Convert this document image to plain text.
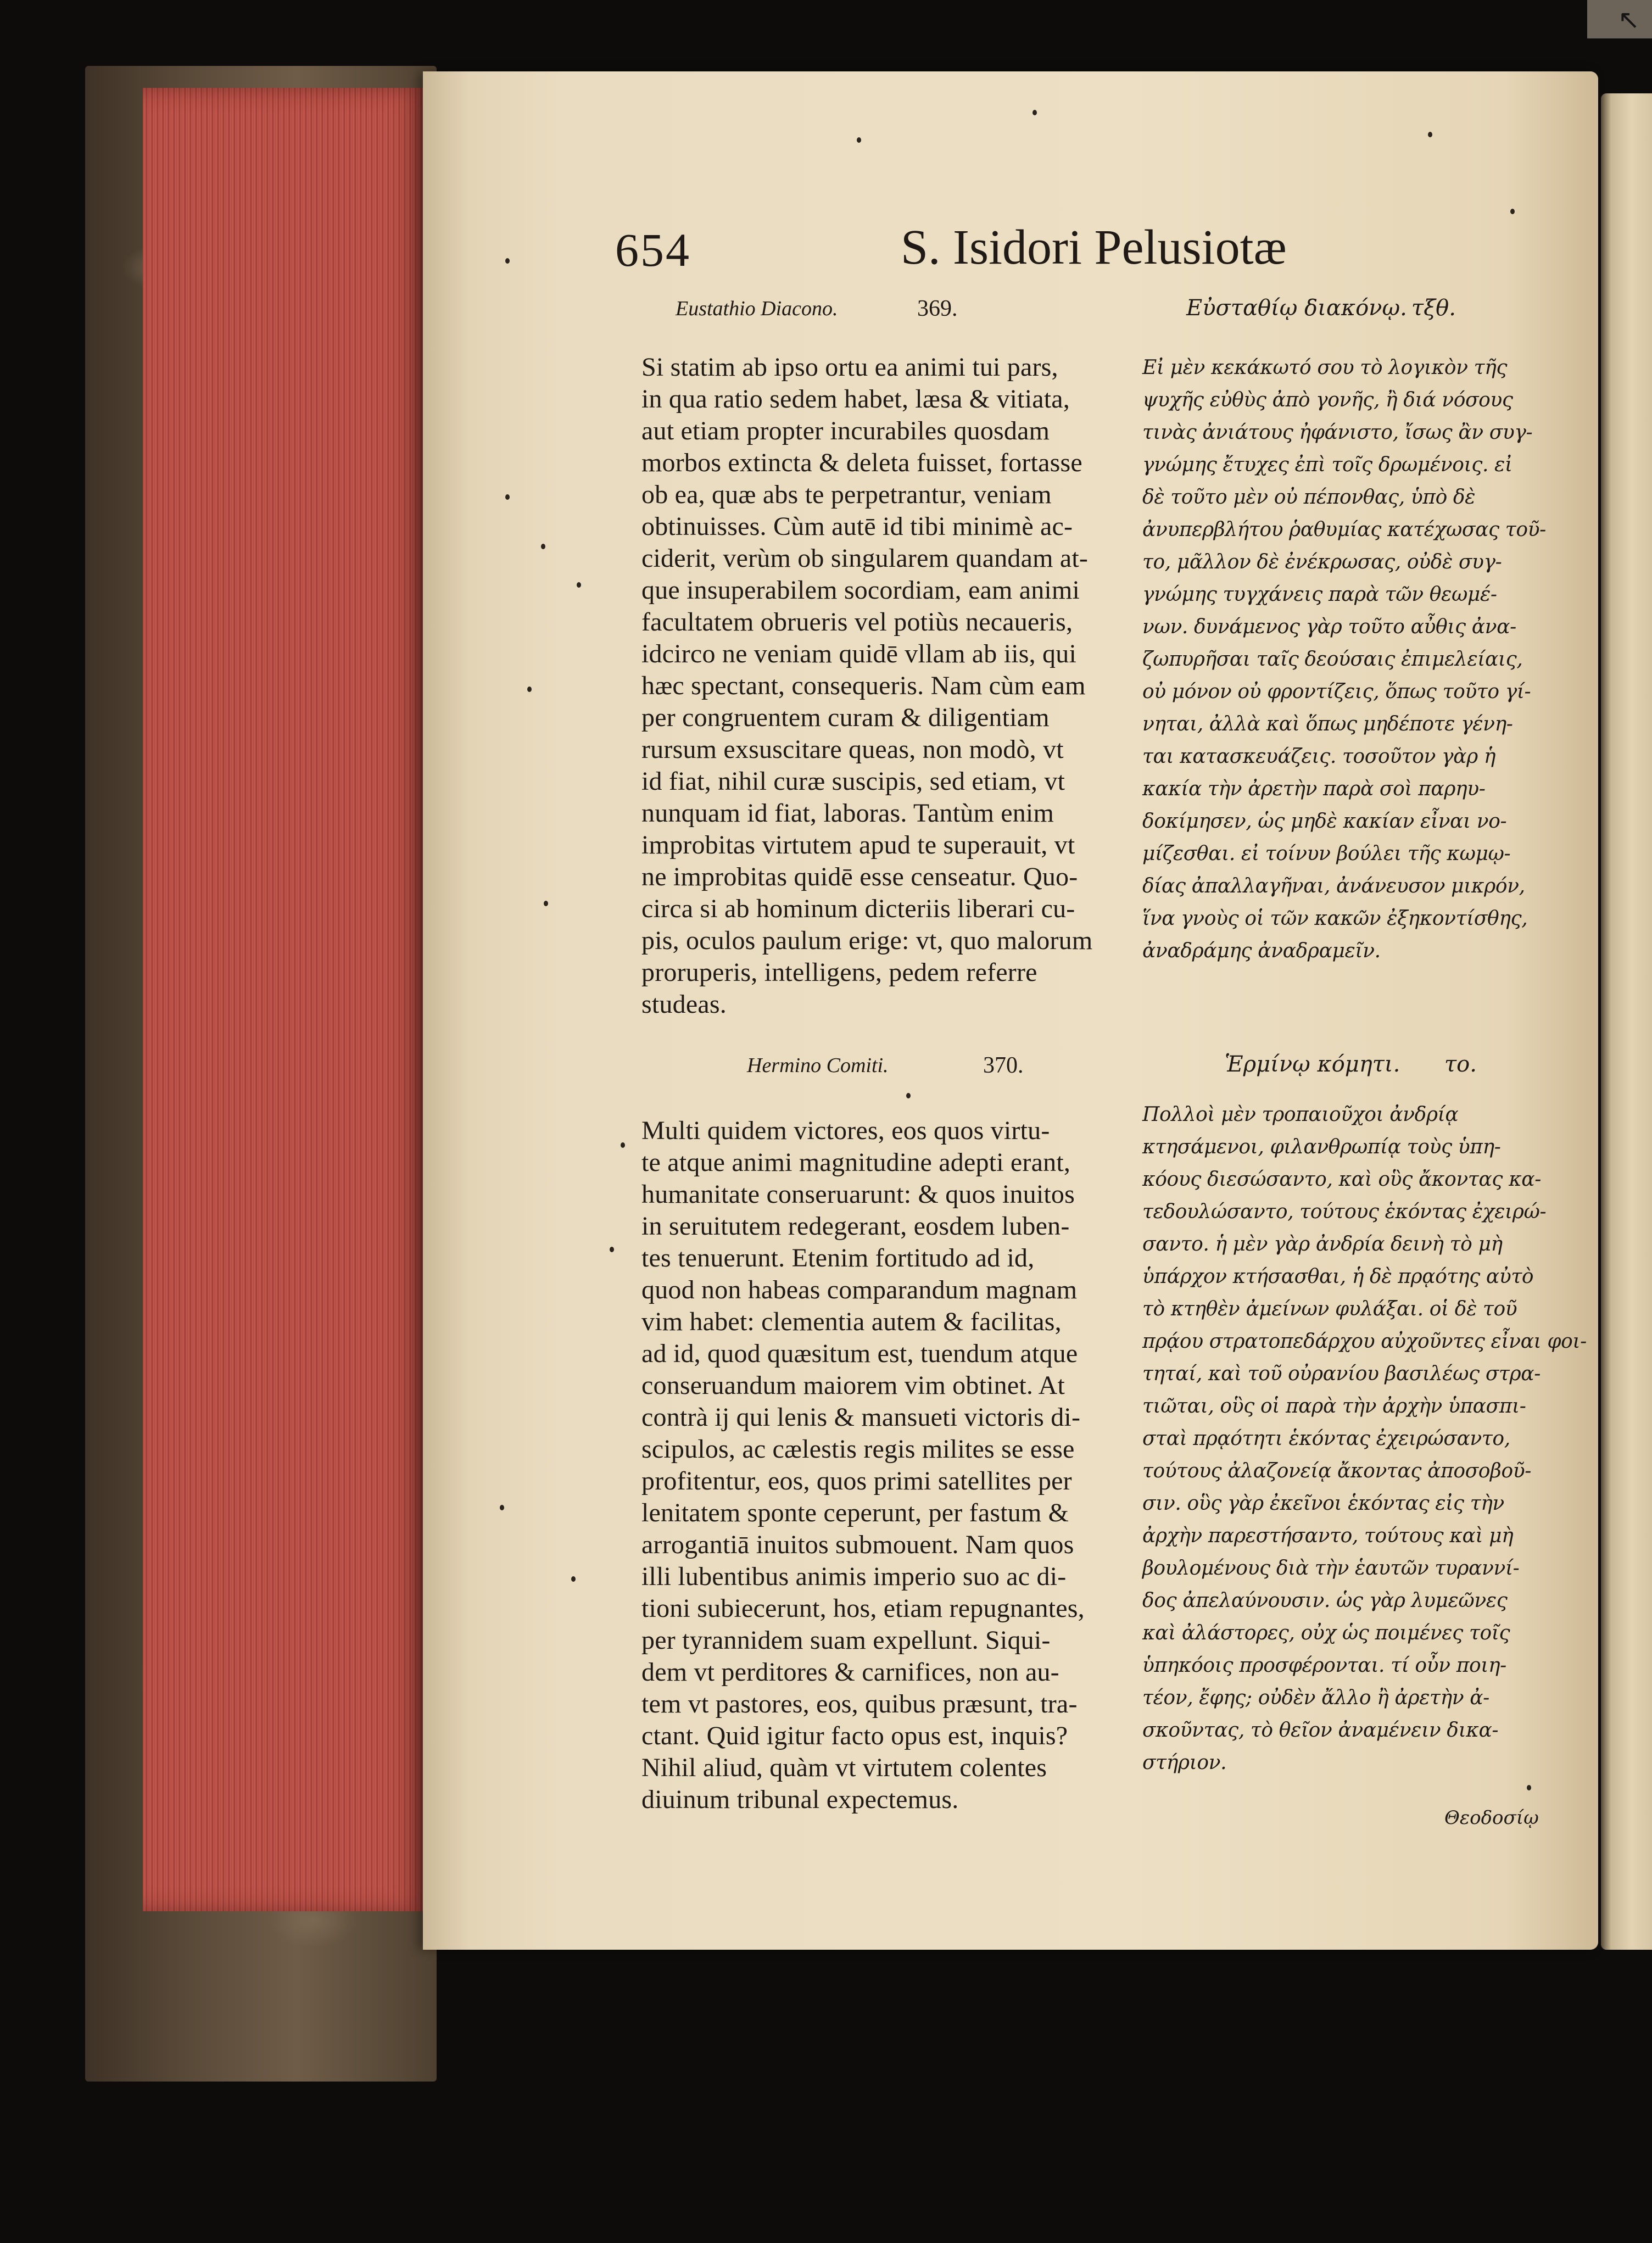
↖
654	S. Isidori Pelusiotæ
Eustathio Diacono.	369.	Εὐσταθίῳ διακόνῳ. τξθ.
Si statim ab ipso ortu ea animi tui pars,
in qua ratio sedem habet, læsa & vitiata,
aut etiam propter incurabiles quosdam
morbos extincta & deleta fuisset, fortasse
ob ea, quæ abs te perpetrantur, veniam
obtinuisses. Cùm autē id tibi minimè ac-
ciderit, verùm ob singularem quandam at-
que insuperabilem socordiam, eam animi
facultatem obrueris vel potiùs necaueris,
idcirco ne veniam quidē vllam ab iis, qui
hæc spectant, consequeris. Nam cùm eam
per congruentem curam & diligentiam
rursum exsuscitare queas, non modò, vt
id fiat, nihil curæ suscipis, sed etiam, vt
nunquam id fiat, laboras. Tantùm enim
improbitas virtutem apud te superauit, vt
ne improbitas quidē esse censeatur. Quo-
circa si ab hominum dicteriis liberari cu-
pis, oculos paulum erige: vt, quo malorum
proruperis, intelligens, pedem referre
studeas.
Εἰ μὲν κεκάκωτό σου τὸ λογικὸν τῆς
ψυχῆς εὐθὺς ἀπὸ γονῆς, ἢ διά νόσους
τινὰς ἀνιάτους ἠφάνιστο, ἴσως ἂν συγ-
γνώμης ἔτυχες ἐπὶ τοῖς δρωμένοις. εἰ
δὲ τοῦτο μὲν οὐ πέπονθας, ὑπὸ δὲ
ἀνυπερβλήτου ῥαθυμίας κατέχωσας τοῦ-
το, μᾶλλον δὲ ἐνέκρωσας, οὐδὲ συγ-
γνώμης τυγχάνεις παρὰ τῶν θεωμέ-
νων. δυνάμενος γὰρ τοῦτο αὖθις ἀνα-
ζωπυρῆσαι ταῖς δεούσαις ἐπιμελείαις,
οὐ μόνον οὐ φροντίζεις, ὅπως τοῦτο γί-
νηται, ἀλλὰ καὶ ὅπως μηδέποτε γένη-
ται κατασκευάζεις. τοσοῦτον γὰρ ἡ
κακία τὴν ἀρετὴν παρὰ σοὶ παρηυ-
δοκίμησεν, ὡς μηδὲ κακίαν εἶναι νο-
μίζεσθαι. εἰ τοίνυν βούλει τῆς κωμῳ-
δίας ἀπαλλαγῆναι, ἀνάνευσον μικρόν,
ἵνα γνοὺς οἱ τῶν κακῶν ἐξηκοντίσθης,
ἀναδράμης ἀναδραμεῖν.
Hermino Comiti.	370.	Ἑρμίνῳ κόμητι. το.
Multi quidem victores, eos quos virtu-
te atque animi magnitudine adepti erant,
humanitate conseruarunt: & quos inuitos
in seruitutem redegerant, eosdem luben-
tes tenuerunt. Etenim fortitudo ad id,
quod non habeas comparandum magnam
vim habet: clementia autem & facilitas,
ad id, quod quæsitum est, tuendum atque
conseruandum maiorem vim obtinet. At
contrà ij qui lenis & mansueti victoris di-
scipulos, ac cælestis regis milites se esse
profitentur, eos, quos primi satellites per
lenitatem sponte ceperunt, per fastum &
arrogantiā inuitos submouent. Nam quos
illi lubentibus animis imperio suo ac di-
tioni subiecerunt, hos, etiam repugnantes,
per tyrannidem suam expellunt. Siqui-
dem vt perditores & carnifices, non au-
tem vt pastores, eos, quibus præsunt, tra-
ctant. Quid igitur facto opus est, inquis?
Nihil aliud, quàm vt virtutem colentes
diuinum tribunal expectemus.
Πολλοὶ μὲν τροπαιοῦχοι ἀνδρίᾳ
κτησάμενοι, φιλανθρωπίᾳ τοὺς ὑπη-
κόους διεσώσαντο, καὶ οὓς ἄκοντας κα-
τεδουλώσαντο, τούτους ἑκόντας ἐχειρώ-
σαντο. ἡ μὲν γὰρ ἀνδρία δεινὴ τὸ μὴ
ὑπάρχον κτήσασθαι, ἡ δὲ πρᾳότης αὐτὸ
τὸ κτηθὲν ἀμείνων φυλάξαι. οἱ δὲ τοῦ
πρᾴου στρατοπεδάρχου αὐχοῦντες εἶναι φοι-
τηταί, καὶ τοῦ οὐρανίου βασιλέως στρα-
τιῶται, οὓς οἱ παρὰ τὴν ἀρχὴν ὑπασπι-
σταὶ πρᾳότητι ἑκόντας ἐχειρώσαντο,
τούτους ἀλαζονείᾳ ἄκοντας ἀποσοβοῦ-
σιν. οὓς γὰρ ἐκεῖνοι ἑκόντας εἰς τὴν
ἀρχὴν παρεστήσαντο, τούτους καὶ μὴ
βουλομένους διὰ τὴν ἑαυτῶν τυραννί-
δος ἀπελαύνουσιν. ὡς γὰρ λυμεῶνες
καὶ ἀλάστορες, οὐχ ὡς ποιμένες τοῖς
ὑπηκόοις προσφέρονται. τί οὖν ποιη-
τέον, ἔφης; οὐδὲν ἄλλο ἢ ἀρετὴν ἀ-
σκοῦντας, τὸ θεῖον ἀναμένειν δικα-
στήριον.
Θεοδοσίῳ
